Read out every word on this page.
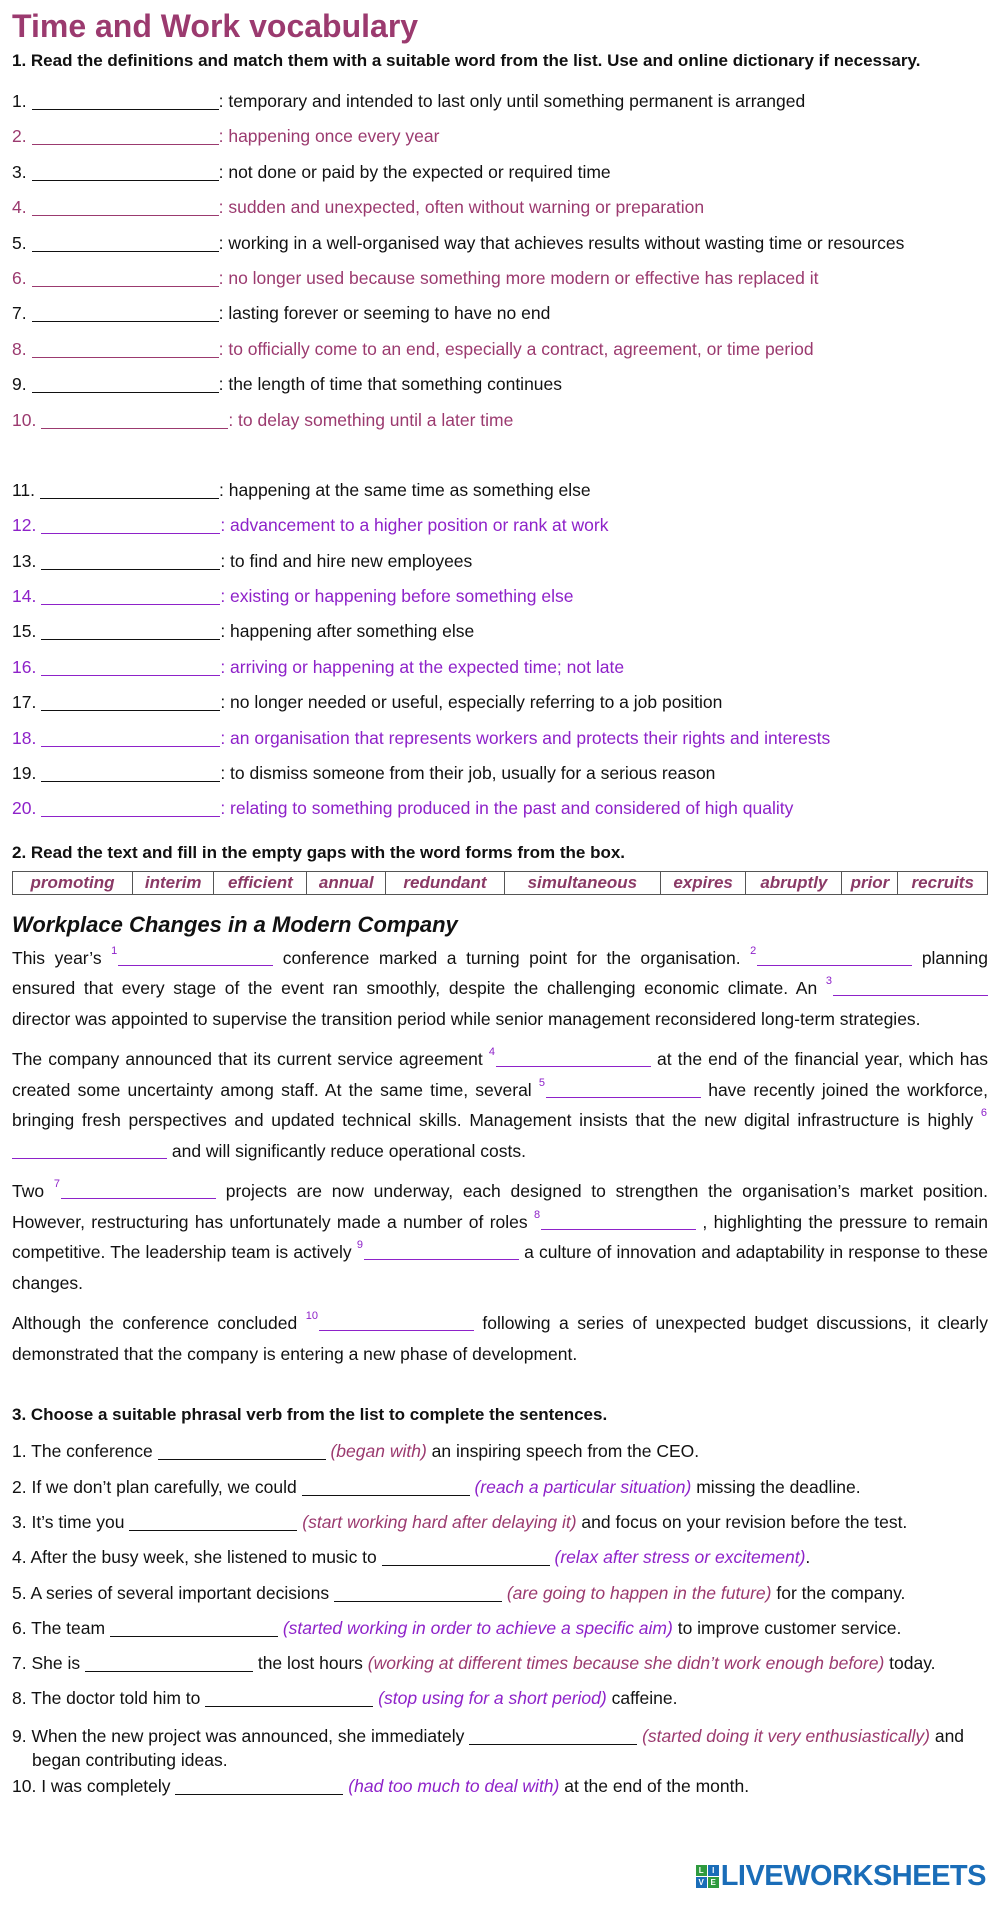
Time and Work vocabulary
1. Read the definitions and match them with a suitable word from the list. Use and online dictionary if necessary.
1.	: temporary and intended to last only until something permanent is arranged
2.	: happening once every year
3.	: not done or paid by the expected or required time
4.	: sudden and unexpected, often without warning or preparation
5.	: working in a well-organised way that achieves results without wasting time or resources
6.	: no longer used because something more modern or effective has replaced it
7.	: lasting forever or seeming to have no end
8.	: to officially come to an end, especially a contract, agreement, or time period
9.	: the length of time that something continues
10.	: to delay something until a later time
11.	: happening at the same time as something else
12.	: advancement to a higher position or rank at work
13.	: to find and hire new employees
14.	: existing or happening before something else
15.	: happening after something else
16.	: arriving or happening at the expected time; not late
17.	: no longer needed or useful, especially referring to a job position
18.	: an organisation that represents workers and protects their rights and interests
19.	: to dismiss someone from their job, usually for a serious reason
20.	: relating to something produced in the past and considered of high quality
2. Read the text and fill in the empty gaps with the word forms from the box.
promoting	interim	efficient	annual	redundant	simultaneous	expires	abruptly	prior	recruits
Workplace Changes in a Modern Company

This year’s $^1$	conference marked a turning point for the organisation. $^2$	planning ensured that every stage of the event ran smoothly, despite the challenging economic climate. An $^3$ director was appointed to supervise the transition period while senior management reconsidered long-term strategies.

The company announced that its current service agreement $^4$	at the end of the financial year, which has created some uncertainty among staff. At the same time, several $^5$	have recently joined the workforce, bringing fresh perspectives and updated technical skills. Management insists that the new digital infrastructure is highly $^6$ and will significantly reduce operational costs.

Two $^7$	projects are now underway, each designed to strengthen the organisation’s market position. However, restructuring has unfortunately made a number of roles $^8$	, highlighting the pressure to remain competitive. The leadership team is actively $^9$	a culture of innovation and adaptability in response to these changes.

Although the conference concluded $^{10}$	following a series of unexpected budget discussions, it clearly demonstrated that the company is entering a new phase of development.

3. Choose a suitable phrasal verb from the list to complete the sentences.
1. The conference	(began with) an inspiring speech from the CEO.
2. If we don’t plan carefully, we could	(reach a particular situation) missing the deadline.
3. It’s time you	(start working hard after delaying it) and focus on your revision before the test.
4. After the busy week, she listened to music to	(relax after stress or excitement).
5. A series of several important decisions	(are going to happen in the future) for the company.
6. The team	(started working in order to achieve a specific aim) to improve customer service.
7. She is	the lost hours (working at different times because she didn’t work enough before) today.
8. The doctor told him to	(stop using for a short period) caffeine.
9. When the new project was announced, she immediately	(started doing it very enthusiastically) and began contributing ideas.
10. I was completely	(had too much to deal with) at the end of the month.
L	I
V E LIVEWORKSHEETS
